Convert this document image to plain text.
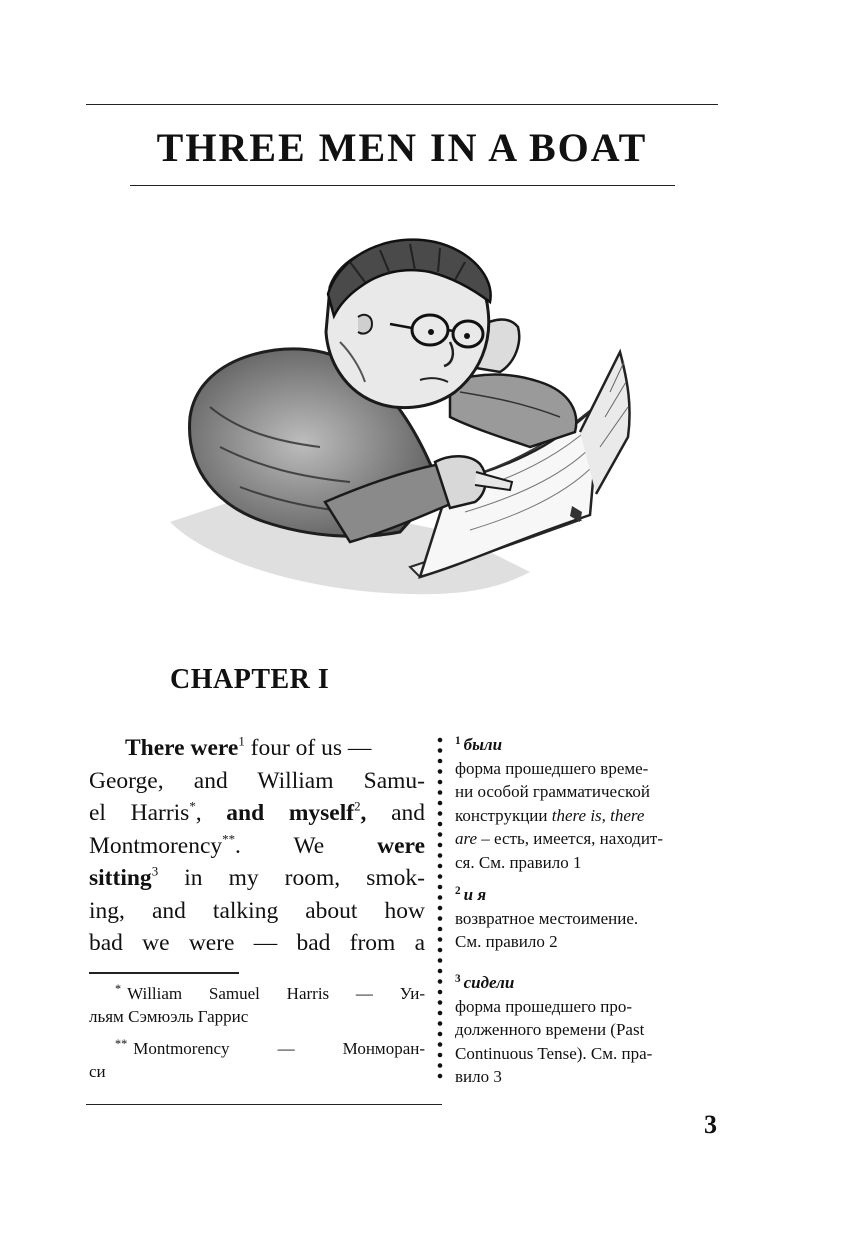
THREE MEN IN A BOAT
CHAPTER I
There were$^1$ four of us —
George, and William Samu-
el Harris*, and myself$^2$, and
Montmorency**. We were
sitting$^3$ in my room, smok-
ing, and talking about how
bad we were — bad from a
* William Samuel Harris — Уи-
льям Сэмюэль Гаррис
** Montmorency — Монморан-
си
$^1$ были
форма прошедшего време-
ни особой грамматической
конструкции there is, there
are – есть, имеется, находит-
ся. См. правило 1
$^2$ и я
возвратное местоимение.
См. правило 2
$^3$ сидели
форма прошедшего про-
долженного времени (Past
Continuous Tense). См. пра-
вило 3

3
